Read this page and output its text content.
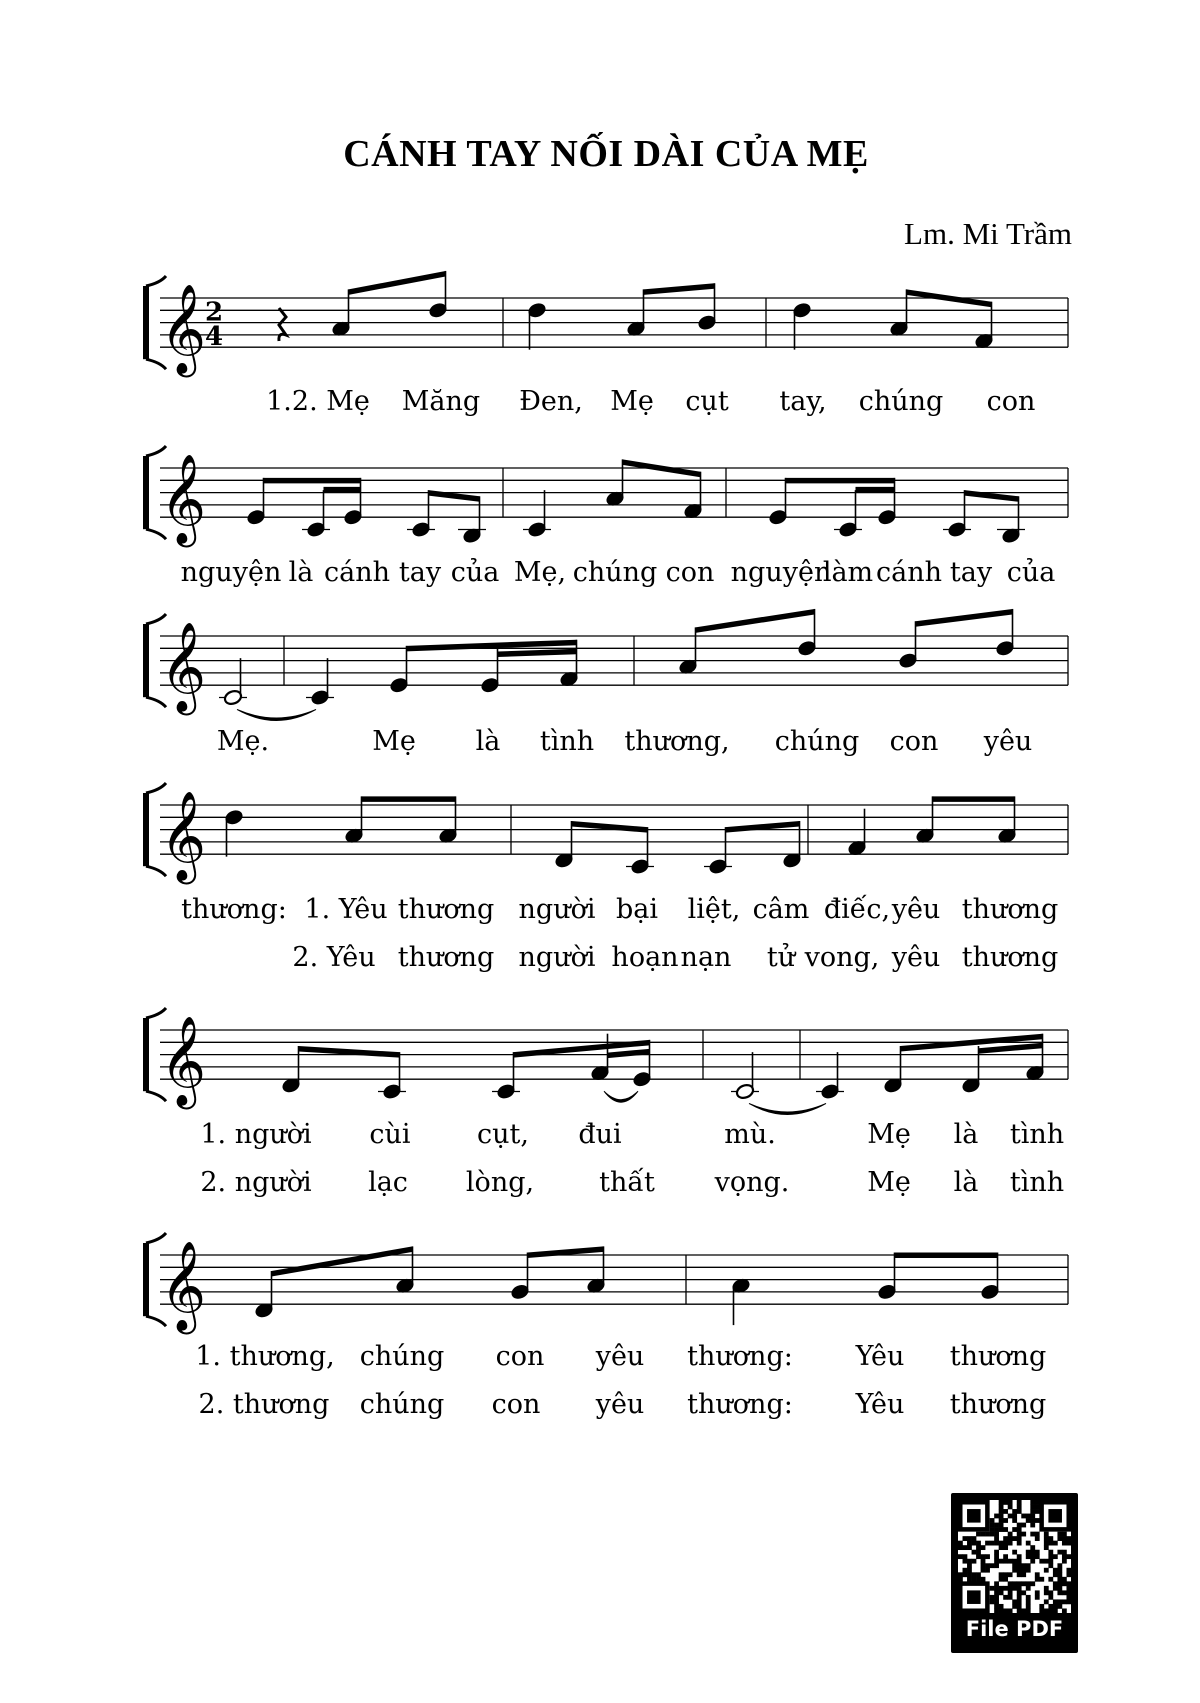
CÁNH TAY NỐI DÀI CỦA MẸ
Lm. Mi Trầm
𝄞
2
4
𝄞
𝄞
𝄞
𝄞
𝄞
1.2. Mẹ Măng Đen, Mẹ cụt tay, chúng con
nguyện là cánh tay của Mẹ, chúng con nguyện
làm cánh tay của
Mẹ.	Mẹ là tình thương, chúng con yêu
thương: 1. Yêu thương người bại liệt, câm điếc, yêu thương
2. Yêu thương người hoạn nạn tử vong, yêu thương
1. người cùi cụt, đui	mù.	Mẹ là tình
2. người lạc lòng, thất vọng.	Mẹ là tình
1. thương, chúng con yêu thương: Yêu thương
2. thương chúng con yêu thương: Yêu thương
File PDF
